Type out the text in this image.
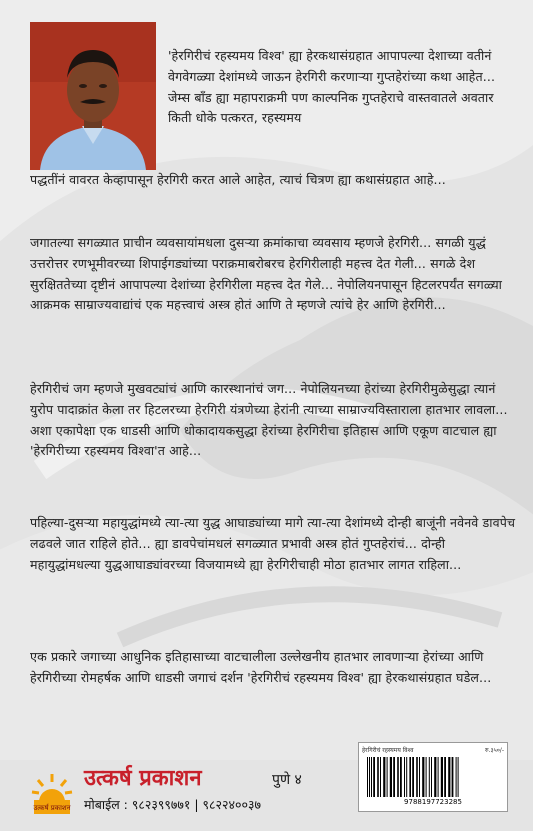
'हेरगिरीचं रहस्यमय विश्व' ह्या हेरकथासंग्रहात आपापल्या देशाच्या वतीनं वेगवेगळ्या देशांमध्ये जाऊन हेरगिरी करणाऱ्या गुप्तहेरांच्या कथा आहेत... जेम्स बाँड ह्या महापराक्रमी पण काल्पनिक गुप्तहेराचे वास्तवातले अवतार किती धोके पत्करत, रहस्यमय
पद्धतींनं वावरत केव्हापासून हेरगिरी करत आले आहेत, त्याचं चित्रण ह्या कथासंग्रहात आहे...
जगातल्या सगळ्यात प्राचीन व्यवसायांमधला दुसऱ्या क्रमांकाचा व्यवसाय म्हणजे हेरगिरी... सगळी युद्धं उत्तरोत्तर रणभूमीवरच्या शिपाईगड्यांच्या पराक्रमाबरोबरच हेरगिरीलाही महत्त्व देत गेली... सगळे देश सुरक्षिततेच्या दृष्टीनं आपापल्या देशांच्या हेरगिरीला महत्त्व देत गेले... नेपोलियनपासून हिटलरपर्यंत सगळ्या आक्रमक साम्राज्यवाद्यांचं एक महत्त्वाचं अस्त्र होतं आणि ते म्हणजे त्यांचे हेर आणि हेरगिरी...
हेरगिरीचं जग म्हणजे मुखवट्यांचं आणि कारस्थानांचं जग... नेपोलियनच्या हेरांच्या हेरगिरीमुळेसुद्धा त्यानं युरोप पादाक्रांत केला तर हिटलरच्या हेरगिरी यंत्रणेच्या हेरांनी त्याच्या साम्राज्यविस्ताराला हातभार लावला... अशा एकापेक्षा एक धाडसी आणि धोकादायकसुद्धा हेरांच्या हेरगिरीचा इतिहास आणि एकूण वाटचाल ह्या 'हेरगिरीच्या रहस्यमय विश्वा'त आहे...
पहिल्या-दुसऱ्या महायुद्धांमध्ये त्या-त्या युद्ध आघाड्यांच्या मागे त्या-त्या देशांमध्ये दोन्ही बाजूंनी नवेनवे डावपेच लढवले जात राहिले होते... ह्या डावपेचांमधलं सगळ्यात प्रभावी अस्त्र होतं गुप्तहेरांचं... दोन्ही महायुद्धांमधल्या युद्धआघाड्यांवरच्या विजयामध्ये ह्या हेरगिरीचाही मोठा हातभार लागत राहिला...
एक प्रकारे जगाच्या आधुनिक इतिहासाच्या वाटचालीला उल्लेखनीय हातभार लावणाऱ्या हेरांच्या आणि हेरगिरीच्या रोमहर्षक आणि धाडसी जगाचं दर्शन 'हेरगिरीचं रहस्यमय विश्व' ह्या हेरकथासंग्रहात घडेल...
उत्कर्ष प्रकाशन
उत्कर्ष प्रकाशन	पुणे ४
मोबाईल : ९८२३९९७७१ | ९८२२४००३७
हेरगिरीचं रहस्यमय विश्व	रु.३५०/-
9788197723285
